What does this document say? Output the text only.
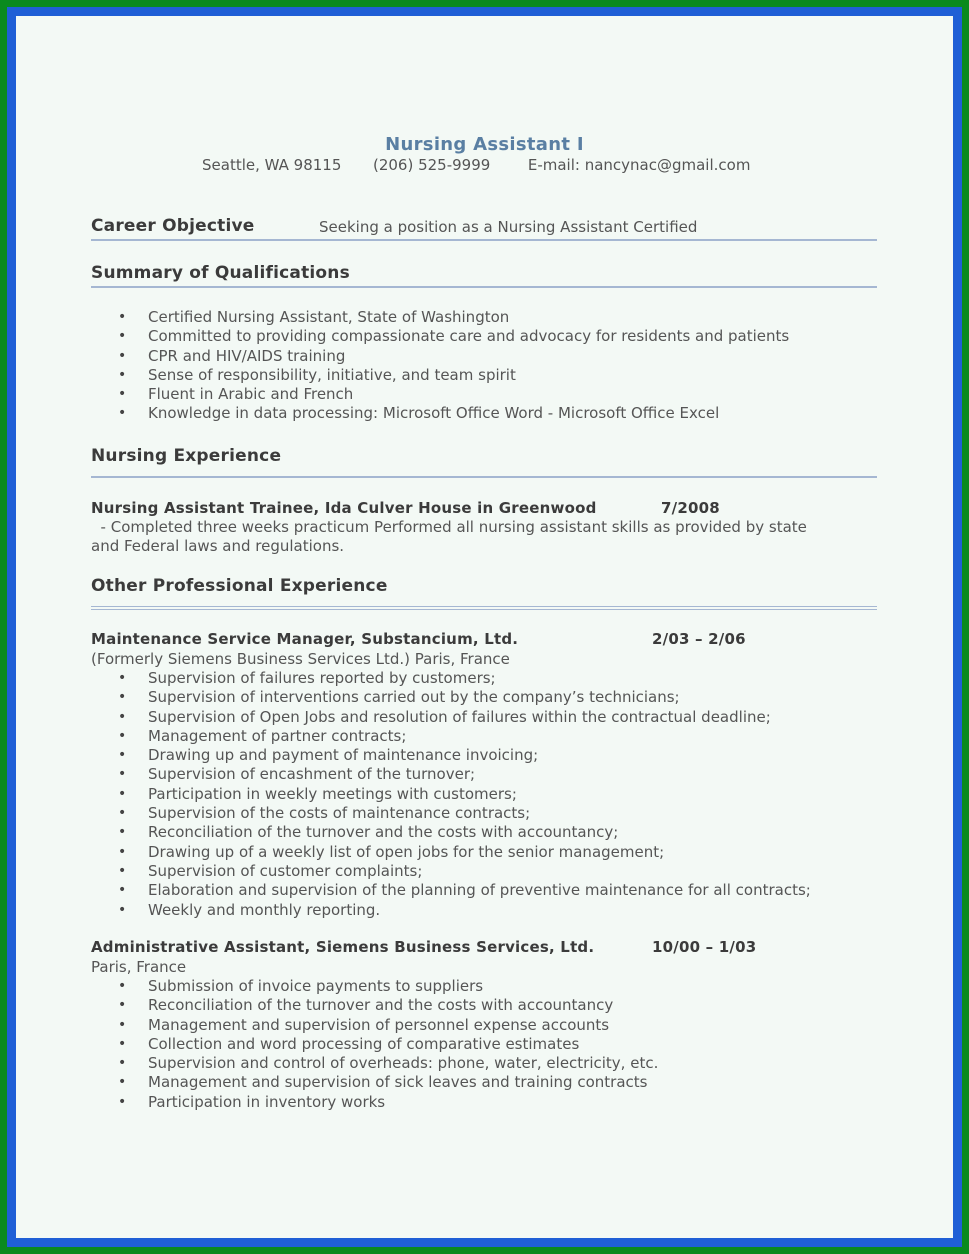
Nursing Assistant I
Seattle, WA 98115 (206) 525-9999	E-mail: nancynac@gmail.com
Career Objective	Seeking a position as a Nursing Assistant Certified
Summary of Qualifications
• Certified Nursing Assistant, State of Washington
• Committed to providing compassionate care and advocacy for residents and patients
• CPR and HIV/AIDS training
• Sense of responsibility, initiative, and team spirit
• Fluent in Arabic and French
• Knowledge in data processing: Microsoft Office Word - Microsoft Office Excel
Nursing Experience
Nursing Assistant Trainee, Ida Culver House in Greenwood	7/2008
- Completed three weeks practicum Performed all nursing assistant skills as provided by state
and Federal laws and regulations.
Other Professional Experience
Maintenance Service Manager, Substancium, Ltd.	2/03 – 2/06
(Formerly Siemens Business Services Ltd.) Paris, France
• Supervision of failures reported by customers;
• Supervision of interventions carried out by the company’s technicians;
• Supervision of Open Jobs and resolution of failures within the contractual deadline;
• Management of partner contracts;
• Drawing up and payment of maintenance invoicing;
• Supervision of encashment of the turnover;
• Participation in weekly meetings with customers;
• Supervision of the costs of maintenance contracts;
• Reconciliation of the turnover and the costs with accountancy;
• Drawing up of a weekly list of open jobs for the senior management;
• Supervision of customer complaints;
• Elaboration and supervision of the planning of preventive maintenance for all contracts;
• Weekly and monthly reporting.
Administrative Assistant, Siemens Business Services, Ltd.	10/00 – 1/03
Paris, France
• Submission of invoice payments to suppliers
• Reconciliation of the turnover and the costs with accountancy
• Management and supervision of personnel expense accounts
• Collection and word processing of comparative estimates
• Supervision and control of overheads: phone, water, electricity, etc.
• Management and supervision of sick leaves and training contracts
• Participation in inventory works
